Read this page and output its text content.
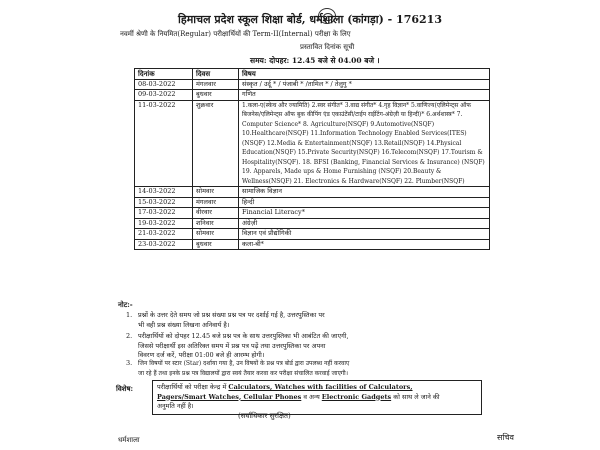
हिमाचल प्रदेश स्कूल शिक्षा बोर्ड, धर्मशाला (कांगड़ा) - 176213
नवमीं श्रेणी के नियमित(Regular) परीक्षार्थियों की Term-II(Internal) परीक्षा के लिए
प्रस्तावित दिनांक सूची
समय: दोपहर: 12.45 बजे से 04.00 बजे ।
दिनांक	दिवस	विषय
08-03-2022	मंगलवार	संस्कृत / उर्दू * / पंजाबी * /तामिल * / तेलुगु *
09-03-2022	बुधवार	गणित
11-03-2022	शुक्रवार	1.कला-ए(स्केच और ज्यामिति) 2.स्वर संगीत* 3.वाद्य संगीत* 4.गृह विज्ञान* 5.वाणिज्य(एलिमेन्ट्स ऑफ बिजनेस/एलिमेन्ट्स ऑफ बुक कीपिंग एंड एकाउंटेंसी/टाईप राईटिंग-अंग्रेज़ी या हिन्दी)* 6.अर्थशास्त्र* 7. Computer Science* 8. Agriculture(NSQF) 9.Automotive(NSQF) 10.Healthcare(NSQF) 11.Information Technology Enabled Services(ITES)(NSQF) 12.Media & Entertainment(NSQF) 13.Retail(NSQF) 14.Physical Education(NSQF) 15.Private Security(NSQF) 16.Telecom(NSQF) 17.Tourism & Hospitality(NSQF). 18. BFSI (Banking, Financial Services & Insurance) (NSQF) 19. Apparels, Made ups & Home Furnishing (NSQF) 20.Beauty & Wellness(NSQF) 21. Electronics & Hardware(NSQF) 22. Plumber(NSQF)
14-03-2022	सोमवार	सामाजिक विज्ञान
15-03-2022	मंगलवार	हिन्दी
17-03-2022	वीरवार	Financial Literacy*
19-03-2022	शनिवार	अंग्रेज़ी
21-03-2022	सोमवार	विज्ञान एवं प्रौद्योगिकी
23-03-2022	बुधवार	कला-बी*
नोट:-
1. प्रश्नों के उत्तर देते समय जो प्रश्न संख्या प्रश्न पत्र पर दर्शाई गई है, उत्तरपुस्तिका पर
भी वही प्रश्न संख्या लिखना अनिवार्य है।
2. परीक्षार्थियों को दोपहर 12.45 बजे प्रश्न पत्र के साथ उत्तरपुस्तिका भी आबंटित की जाएगी,
जिससे परीक्षार्थी इस अतिरिक्त समय में प्रश्न पत्र पढ़ें तथा उत्तरपुस्तिका पर अपना
विवरण दर्ज करें, परीक्षा 01:00 बजे ही आरम्भ होगी।
3. जिन विषयों पर स्टार (Star) दर्शाया गया है, उन विषयों के प्रश्न पत्र बोर्ड द्वारा उपलब्ध नहीं करवाए
जा रहे हैं तथा इनके प्रश्न पत्र विद्यालयों द्वारा स्वयं तैयार करवा कर परीक्षा संचालित करवाई जाएगी।
विशेष:	परीक्षार्थियों को परीक्षा केन्द्र में Calculators, Watches with facilities of Calculators,
Pagers/Smart Watches, Cellular Phones व अन्य Electronic Gadgets को साथ ले जाने की
अनुमति नहीं है।
(सर्वाधिकार सुरक्षित)
धर्मशाला	सचिव
